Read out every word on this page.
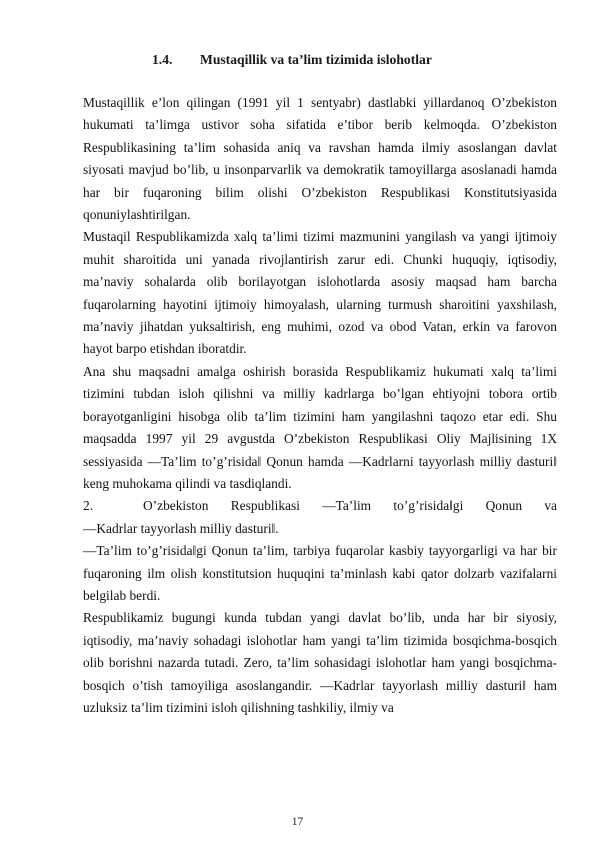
1.4. Mustaqillik va ta’lim tizimida islohotlar

Mustaqillik e’lon qilingan (1991 yil 1 sentyabr) dastlabki yillardanoq O’zbekiston hukumati ta’limga ustivor soha sifatida e’tibor berib kelmoqda. O’zbekiston Respublikasining ta’lim sohasida aniq va ravshan hamda ilmiy asoslangan davlat siyosati mavjud bo’lib, u insonparvarlik va demokratik tamoyillarga asoslanadi hamda har bir fuqaroning bilim olishi O’zbekiston Respublikasi Konstitutsiyasida qonuniylashtirilgan.

Mustaqil Respublikamizda xalq ta’limi tizimi mazmunini yangilash va yangi ijtimoiy muhit sharoitida uni yanada rivojlantirish zarur edi. Chunki huquqiy, iqtisodiy, ma’naviy sohalarda olib borilayotgan islohotlarda asosiy maqsad ham barcha fuqarolarning hayotini ijtimoiy himoyalash, ularning turmush sharoitini yaxshilash, ma’naviy jihatdan yuksaltirish, eng muhimi, ozod va obod Vatan, erkin va farovon hayot barpo etishdan iboratdir.

Ana shu maqsadni amalga oshirish borasida Respublikamiz hukumati xalq ta’limi tizimini tubdan isloh qilishni va milliy kadrlarga bo’lgan ehtiyojni tobora ortib borayotganligini hisobga olib ta’lim tizimini ham yangilashni taqozo etar edi. Shu maqsadda 1997 yil 29 avgustda O’zbekiston Respublikasi Oliy Majlisining 1X sessiyasida ―Ta’lim to’g’risida‖ Qonun hamda ―Kadrlarni tayyorlash milliy dasturi‖ keng muhokama qilindi va tasdiqlandi.

2.	O’zbekiston Respublikasi ―Ta’lim to’g’risida‖gi Qonun va

―Kadrlar tayyorlash milliy dasturi‖.

―Ta’lim to’g’risida‖gi Qonun ta’lim, tarbiya fuqarolar kasbiy tayyorgarligi va har bir fuqaroning ilm olish konstitutsion huquqini ta’minlash kabi qator dolzarb vazifalarni belgilab berdi.

Respublikamiz bugungi kunda tubdan yangi davlat bo’lib, unda har bir siyosiy, iqtisodiy, ma’naviy sohadagi islohotlar ham yangi ta’lim tizimida bosqichma-bosqich olib borishni nazarda tutadi. Zero, ta’lim sohasidagi islohotlar ham yangi bosqichma-bosqich o’tish tamoyiliga asoslangandir. ―Kadrlar tayyorlash milliy dasturi‖ ham uzluksiz ta’lim tizimini isloh qilishning tashkiliy, ilmiy va

17
